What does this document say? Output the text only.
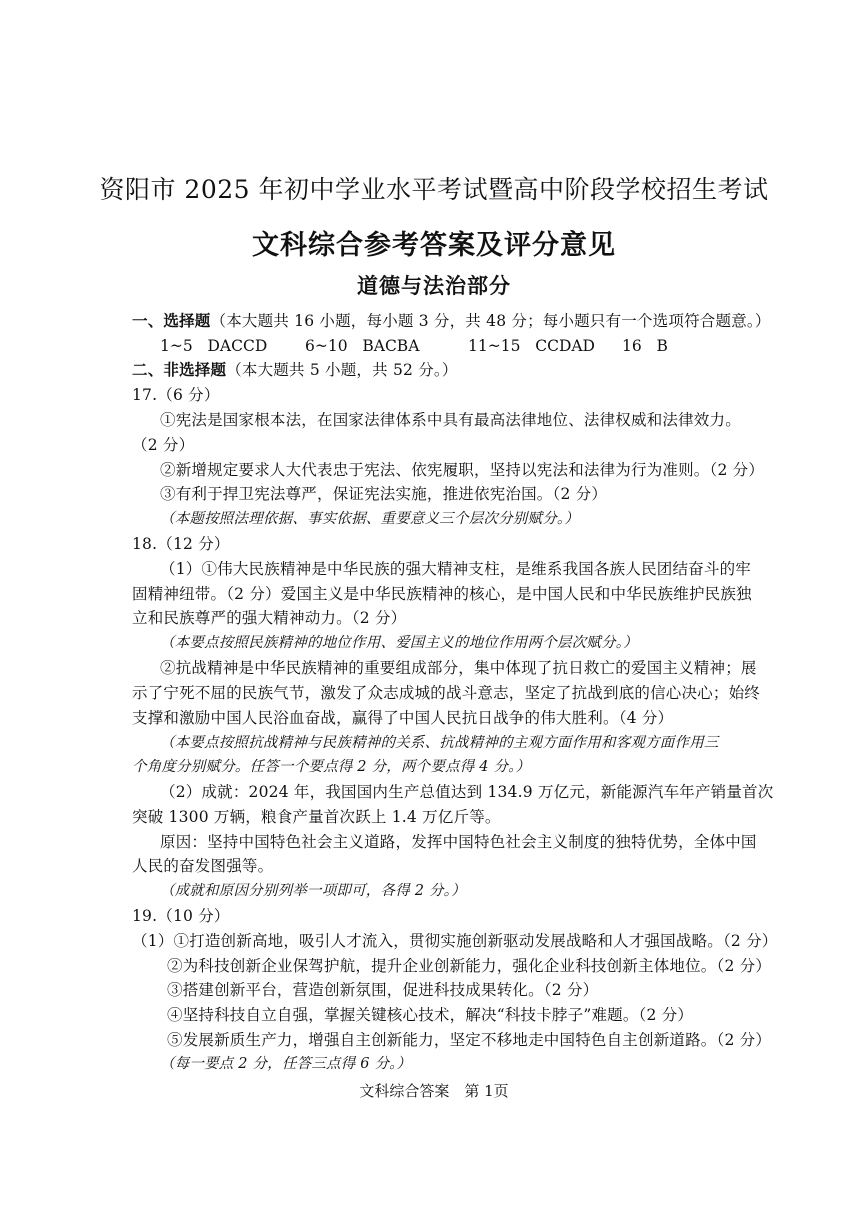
资阳市 2025 年初中学业水平考试暨高中阶段学校招生考试
文科综合参考答案及评分意见
道德与法治部分
一、选择题（本大题共 16 小题，每小题 3 分，共 48 分；每小题只有一个选项符合题意。）
1~5 DACCD 6~10 BACBA	11~15 CCDAD 16 B
二、非选择题（本大题共 5 小题，共 52 分。）
17.（6 分）
①宪法是国家根本法，在国家法律体系中具有最高法律地位、法律权威和法律效力。
（2 分）
②新增规定要求人大代表忠于宪法、依宪履职，坚持以宪法和法律为行为准则。（2 分）
③有利于捍卫宪法尊严，保证宪法实施，推进依宪治国。（2 分）
（本题按照法理依据、事实依据、重要意义三个层次分别赋分。）
18.（12 分）
（1）①伟大民族精神是中华民族的强大精神支柱，是维系我国各族人民团结奋斗的牢
固精神纽带。（2 分）爱国主义是中华民族精神的核心，是中国人民和中华民族维护民族独
立和民族尊严的强大精神动力。（2 分）
（本要点按照民族精神的地位作用、爱国主义的地位作用两个层次赋分。）
②抗战精神是中华民族精神的重要组成部分，集中体现了抗日救亡的爱国主义精神；展
示了宁死不屈的民族气节，激发了众志成城的战斗意志，坚定了抗战到底的信心决心；始终
支撑和激励中国人民浴血奋战，赢得了中国人民抗日战争的伟大胜利。（4 分）
（本要点按照抗战精神与民族精神的关系、抗战精神的主观方面作用和客观方面作用三
个角度分别赋分。任答一个要点得 2 分，两个要点得 4 分。）
（2）成就：2024 年，我国国内生产总值达到 134.9 万亿元，新能源汽车年产销量首次
突破 1300 万辆，粮食产量首次跃上 1.4 万亿斤等。
原因：坚持中国特色社会主义道路，发挥中国特色社会主义制度的独特优势，全体中国
人民的奋发图强等。
（成就和原因分别列举一项即可，各得 2 分。）
19.（10 分）
（1）①打造创新高地，吸引人才流入，贯彻实施创新驱动发展战略和人才强国战略。（2 分）
②为科技创新企业保驾护航，提升企业创新能力，强化企业科技创新主体地位。（2 分）
③搭建创新平台，营造创新氛围，促进科技成果转化。（2 分）
④坚持科技自立自强，掌握关键核心技术，解决“科技卡脖子”难题。（2 分）
⑤发展新质生产力，增强自主创新能力，坚定不移地走中国特色自主创新道路。（2 分）
（每一要点 2 分，任答三点得 6 分。）
文科综合答案　第 1页
